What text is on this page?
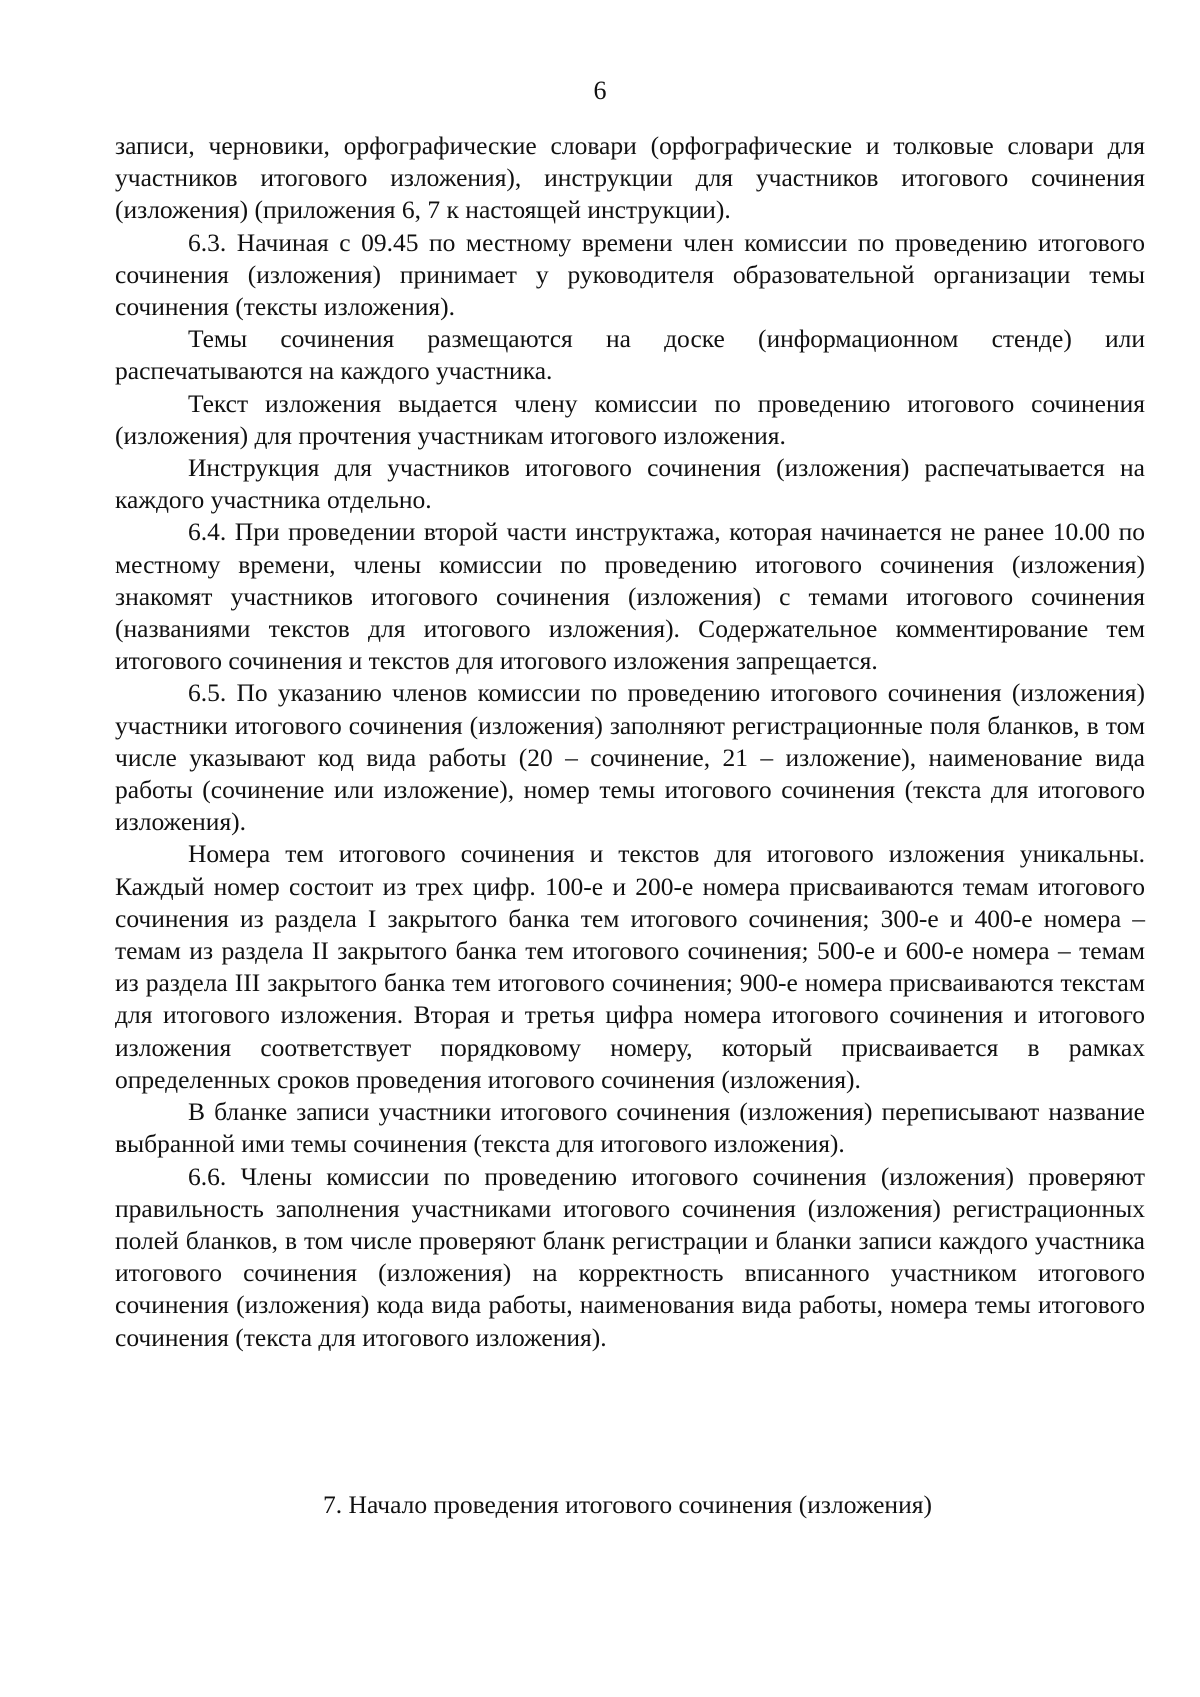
6

записи, черновики, орфографические словари (орфографические и толковые словари для участников итогового изложения), инструкции для участников итогового сочинения (изложения) (приложения 6, 7 к настоящей инструкции).

6.3. Начиная с 09.45 по местному времени член комиссии по проведению итогового сочинения (изложения) принимает у руководителя образовательной организации темы сочинения (тексты изложения).

Темы сочинения размещаются на доске (информационном стенде) или распечатываются на каждого участника.

Текст изложения выдается члену комиссии по проведению итогового сочинения (изложения) для прочтения участникам итогового изложения.

Инструкция для участников итогового сочинения (изложения) распечатывается на каждого участника отдельно.

6.4. При проведении второй части инструктажа, которая начинается не ранее 10.00 по местному времени, члены комиссии по проведению итогового сочинения (изложения) знакомят участников итогового сочинения (изложения) с темами итогового сочинения (названиями текстов для итогового изложения). Содержательное комментирование тем итогового сочинения и текстов для итогового изложения запрещается.

6.5. По указанию членов комиссии по проведению итогового сочинения (изложения) участники итогового сочинения (изложения) заполняют регистрационные поля бланков, в том числе указывают код вида работы (20 – сочинение, 21 – изложение), наименование вида работы (сочинение или изложение), номер темы итогового сочинения (текста для итогового изложения).

Номера тем итогового сочинения и текстов для итогового изложения уникальны. Каждый номер состоит из трех цифр. 100-е и 200-е номера присваиваются темам итогового сочинения из раздела I закрытого банка тем итогового сочинения; 300-е и 400-е номера – темам из раздела II закрытого банка тем итогового сочинения; 500-е и 600-е номера – темам из раздела III закрытого банка тем итогового сочинения; 900-е номера присваиваются текстам для итогового изложения. Вторая и третья цифра номера итогового сочинения и итогового изложения соответствует порядковому номеру, который присваивается в рамках определенных сроков проведения итогового сочинения (изложения).

В бланке записи участники итогового сочинения (изложения) переписывают название выбранной ими темы сочинения (текста для итогового изложения).

6.6. Члены комиссии по проведению итогового сочинения (изложения) проверяют правильность заполнения участниками итогового сочинения (изложения) регистрационных полей бланков, в том числе проверяют бланк регистрации и бланки записи каждого участника итогового сочинения (изложения) на корректность вписанного участником итогового сочинения (изложения) кода вида работы, наименования вида работы, номера темы итогового сочинения (текста для итогового изложения).

7. Начало проведения итогового сочинения (изложения)
